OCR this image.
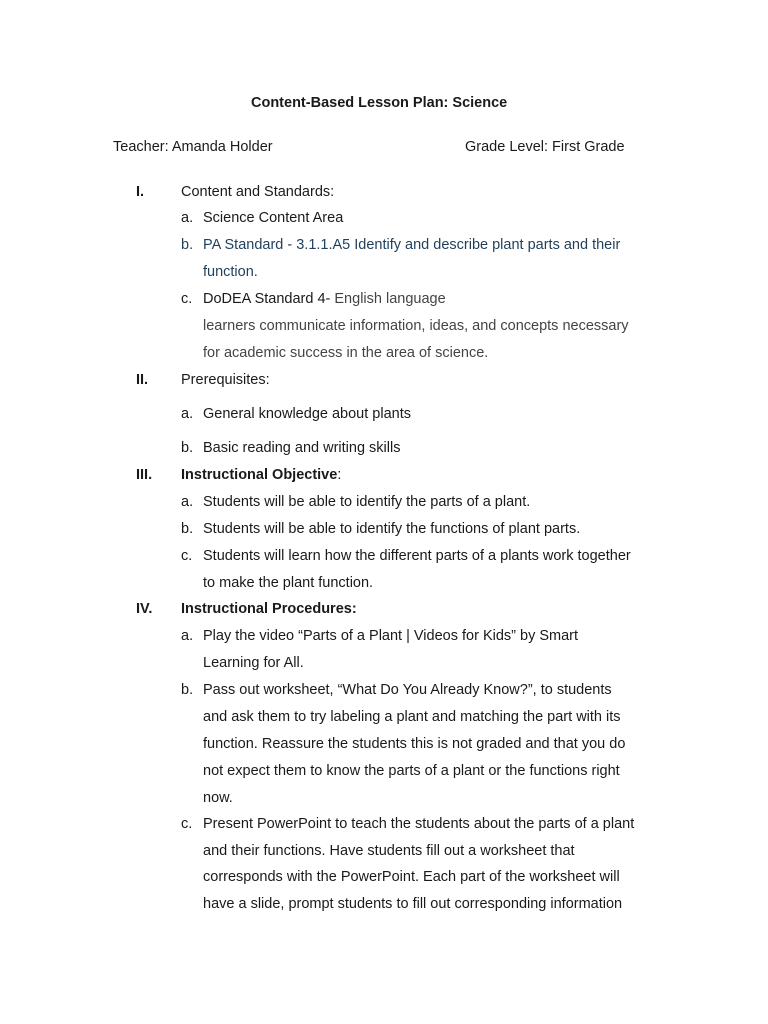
Content-Based Lesson Plan: Science
Teacher: Amanda Holder	Grade Level: First Grade
I.	Content and Standards:
a. Science Content Area
b. PA Standard - 3.1.1.A5 Identify and describe plant parts and their
function.
c. DoDEA Standard 4- English language
learners communicate information, ideas, and concepts necessary
for academic success in the area of science.
II. Prerequisites:
a. General knowledge about plants
b. Basic reading and writing skills
III. Instructional Objective:
a. Students will be able to identify the parts of a plant.
b. Students will be able to identify the functions of plant parts.
c. Students will learn how the different parts of a plants work together
to make the plant function.
IV. Instructional Procedures:
a. Play the video “Parts of a Plant | Videos for Kids” by Smart
Learning for All.
b. Pass out worksheet, “What Do You Already Know?”, to students
and ask them to try labeling a plant and matching the part with its
function. Reassure the students this is not graded and that you do
not expect them to know the parts of a plant or the functions right
now.
c. Present PowerPoint to teach the students about the parts of a plant
and their functions. Have students fill out a worksheet that
corresponds with the PowerPoint. Each part of the worksheet will
have a slide, prompt students to fill out corresponding information
